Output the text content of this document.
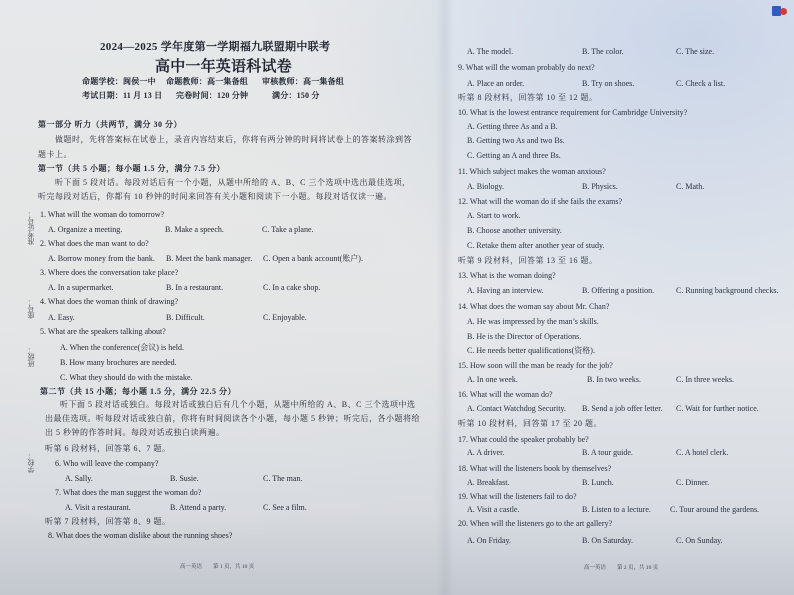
准考证号：
座号：
班级：
学校：
2024—2025 学年度第一学期福九联盟期中联考
高中一年英语科试卷
命题学校：闽侯一中 命题教师：高一集备组 审核教师：高一集备组
考试日期：11 月 13 日 完卷时间：120 分钟	满分：150 分
第一部分 听力（共两节，满分 30 分）
做题时，先将答案标在试卷上，录音内容结束后，你将有两分钟的时间将试卷上的答案转涂到答
题卡上。
第一节（共 5 小题；每小题 1.5 分，满分 7.5 分）
听下面 5 段对话。每段对话后有一个小题，从题中所给的 A、B、C 三个选项中选出最佳选项，
听完每段对话后，你都有 10 秒钟的时间来回答有关小题和阅读下一小题。每段对话仅读一遍。
1. What will the woman do tomorrow?
A. Organize a meeting.	B. Make a speech.	C. Take a plane.
2. What does the man want to do?
A. Borrow money from the bank. B. Meet the bank manager. C. Open a bank account(账户).
3. Where does the conversation take place?
A. In a supermarket.	B. In a restaurant.	C. In a cake shop.
4. What does the woman think of drawing?
A. Easy.	B. Difficult.	C. Enjoyable.
5. What are the speakers talking about?
A. When the conference(会议) is held.
B. How many brochures are needed.
C. What they should do with the mistake.
第二节（共 15 小题；每小题 1.5 分，满分 22.5 分）
听下面 5 段对话或独白。每段对话或独白后有几个小题，从题中所给的 A、B、C 三个选项中选
出最佳选项。听每段对话或独白前，你将有时间阅读各个小题，每小题 5 秒钟；听完后，各小题将给
出 5 秒钟的作答时间。每段对话或独白读两遍。
听第 6 段材料，回答第 6、7 题。
6. Who will leave the company?
A. Sally.	B. Susie.	C. The man.
7. What does the man suggest the woman do?
A. Visit a restaurant.	B. Attend a party.	C. See a film.
听第 7 段材料，回答第 8、9 题。
8. What does the woman dislike about the running shoes?
高一英语　　第 1 页，共 10 页
A. The model.	B. The color.	C. The size.
9. What will the woman probably do next?
A. Place an order.	B. Try on shoes.	C. Check a list.
听第 8 段材料，回答第 10 至 12 题。
10. What is the lowest entrance requirement for Cambridge University?
A. Getting three As and a B.
B. Getting two As and two Bs.
C. Getting an A and three Bs.
11. Which subject makes the woman anxious?
A. Biology.	B. Physics.	C. Math.
12. What will the woman do if she fails the exams?
A. Start to work.
B. Choose another university.
C. Retake them after another year of study.
听第 9 段材料，回答第 13 至 16 题。
13. What is the woman doing?
A. Having an interview.	B. Offering a position.	C. Running background checks.
14. What does the woman say about Mr. Chan?
A. He was impressed by the man’s skills.
B. He is the Director of Operations.
C. He needs better qualifications(资格).
15. How soon will the man be ready for the job?
A. In one week.	B. In two weeks.	C. In three weeks.
16. What will the woman do?
A. Contact Watchdog Security. B. Send a job offer letter. C. Wait for further notice.
听第 10 段材料，回答第 17 至 20 题。
17. What could the speaker probably be?
A. A driver.	B. A tour guide.	C. A hotel clerk.
18. What will the listeners book by themselves?
A. Breakfast.	B. Lunch.	C. Dinner.
19. What will the listeners fail to do?
A. Visit a castle.	B. Listen to a lecture. C. Tour around the gardens.
20. When will the listeners go to the art gallery?
A. On Friday.	B. On Saturday.	C. On Sunday.
高一英语　　第 2 页，共 10 页
